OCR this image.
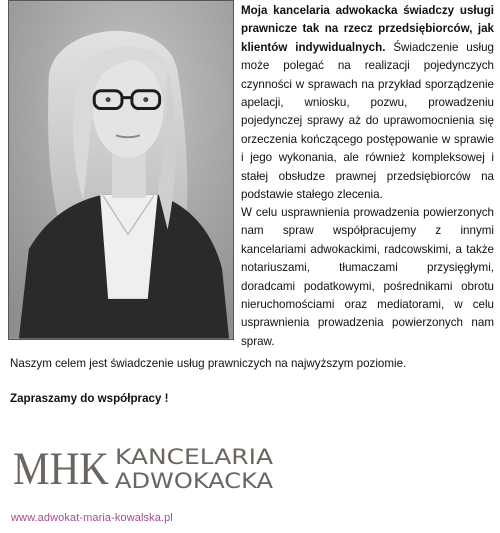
Moja kancelaria adwokacka świadczy usługi prawnicze tak na rzecz przedsiębiorców, jak klientów indywidualnych. Świadczenie usług może polegać na realizacji pojedynczych czynności w sprawach na przykład sporządzenie apelacji, wniosku, pozwu, prowadzeniu pojedynczej sprawy aż do uprawomocnienia się orzeczenia kończącego postępowanie w sprawie i jego wykonania, ale również kompleksowej i stałej obsłudze prawnej przedsiębiorców na podstawie stałego zlecenia.
W celu usprawnienia prowadzenia powierzonych nam spraw współpracujemy z innymi kancelariami adwokackimi, radcowskimi, a także notariuszami, tłumaczami przysięgłymi, doradcami podatkowymi, pośrednikami obrotu nieruchomościami oraz mediatorami, w celu usprawnienia prowadzenia powierzonych nam spraw.
Naszym celem jest świadczenie usług prawniczych na najwyższym poziomie.
Zapraszamy do współpracy !
MHK KANCELARIA
ADWOKACKA
www.adwokat-maria-kowalska.pl
